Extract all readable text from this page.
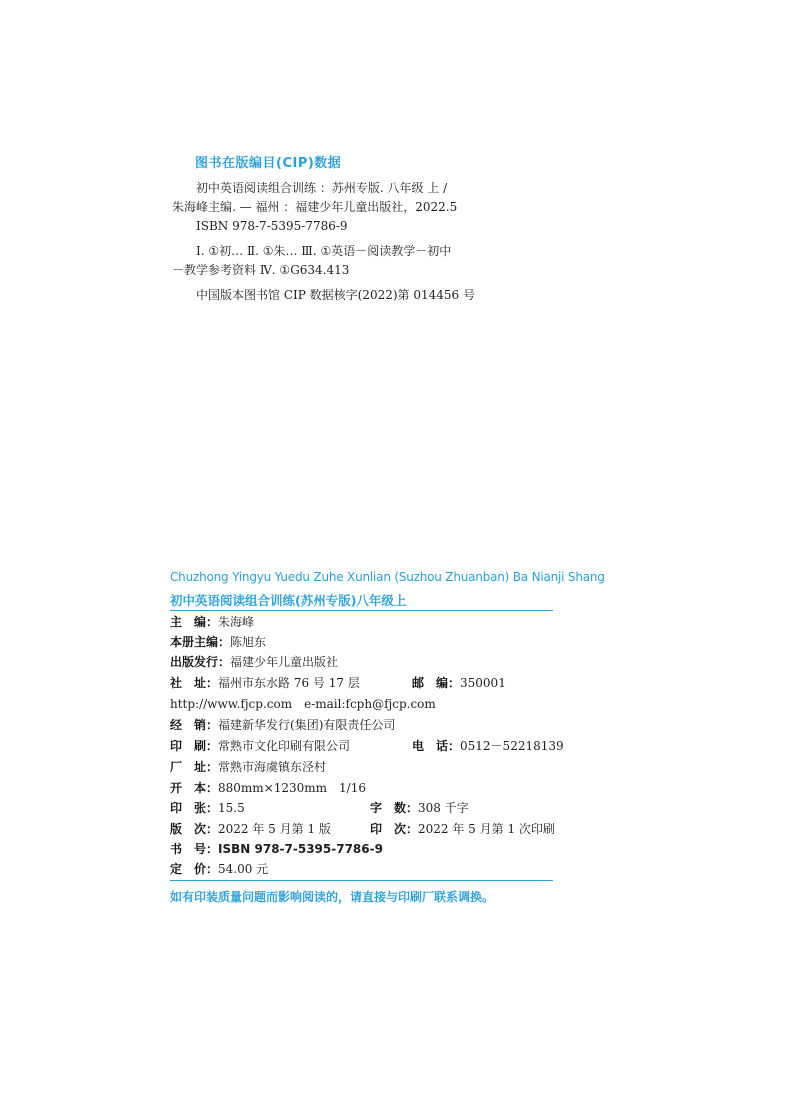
图书在版编目(CIP)数据
初中英语阅读组合训练 ：苏州专版. 八年级 上 /
朱海峰主编. — 福州 ：福建少年儿童出版社，2022.5
ISBN 978-7-5395-7786-9
Ⅰ. ①初… Ⅱ. ①朱… Ⅲ. ①英语－阅读教学－初中
－教学参考资料 Ⅳ. ①G634.413
中国版本图书馆 CIP 数据核字(2022)第 014456 号
Chuzhong Yingyu Yuedu Zuhe Xunlian (Suzhou Zhuanban) Ba Nianji Shang
初中英语阅读组合训练(苏州专版)八年级上
主　编：朱海峰
本册主编：陈旭东
出版发行：福建少年儿童出版社
社　址：福州市东水路 76 号 17 层	邮　编：350001
http://www.fjcp.com　e-mail:fcph@fjcp.com
经　销：福建新华发行(集团)有限责任公司
印　刷：常熟市文化印刷有限公司	电　话：0512－52218139
厂　址：常熟市海虞镇东泾村
开　本：880mm×1230mm　1/16
印　张：15.5	字　数：308 千字
版　次：2022 年 5 月第 1 版	印　次：2022 年 5 月第 1 次印刷
书　号：ISBN 978-7-5395-7786-9
定　价：54.00 元
如有印装质量问题而影响阅读的，请直接与印刷厂联系调换。
